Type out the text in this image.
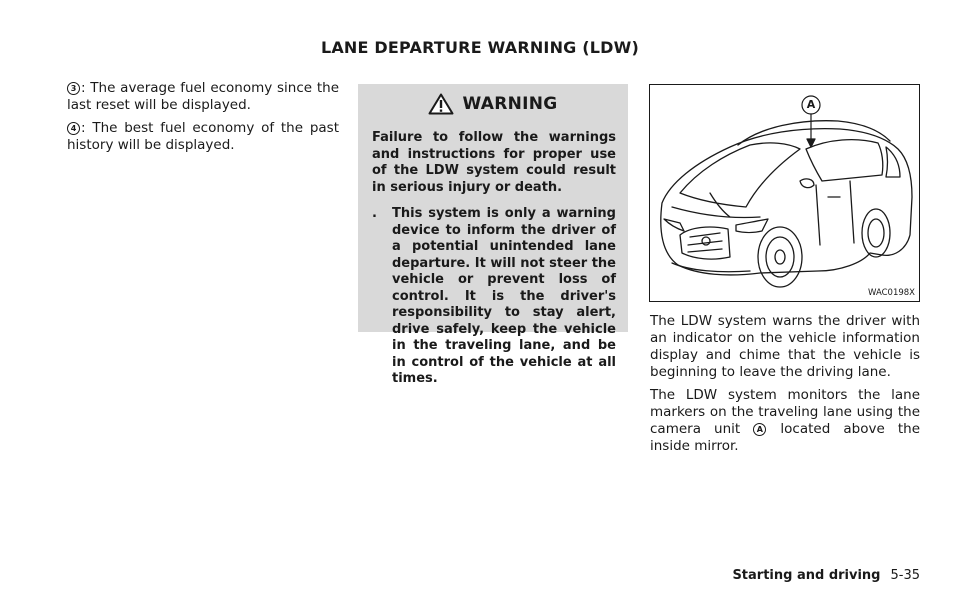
LANE DEPARTURE WARNING (LDW)

3 : The average fuel economy since the last reset will be displayed.

4 : The best fuel economy of the past history will be displayed.

WARNING

Failure to follow the warnings and instructions for proper use of the LDW system could result in serious injury or death.

.	This system is only a warning device to inform the driver of a potential unintended lane departure. It will not steer the vehicle or prevent loss of control. It is the driver's responsibility to stay alert, drive safely, keep the vehicle in the traveling lane, and be in control of the vehicle at all times.
A
WAC0198X

The LDW system warns the driver with an indicator on the vehicle information display and chime that the vehicle is beginning to leave the driving lane.

The LDW system monitors the lane markers on the traveling lane using the camera unit A located above the inside mirror.

Starting and driving 5-35
